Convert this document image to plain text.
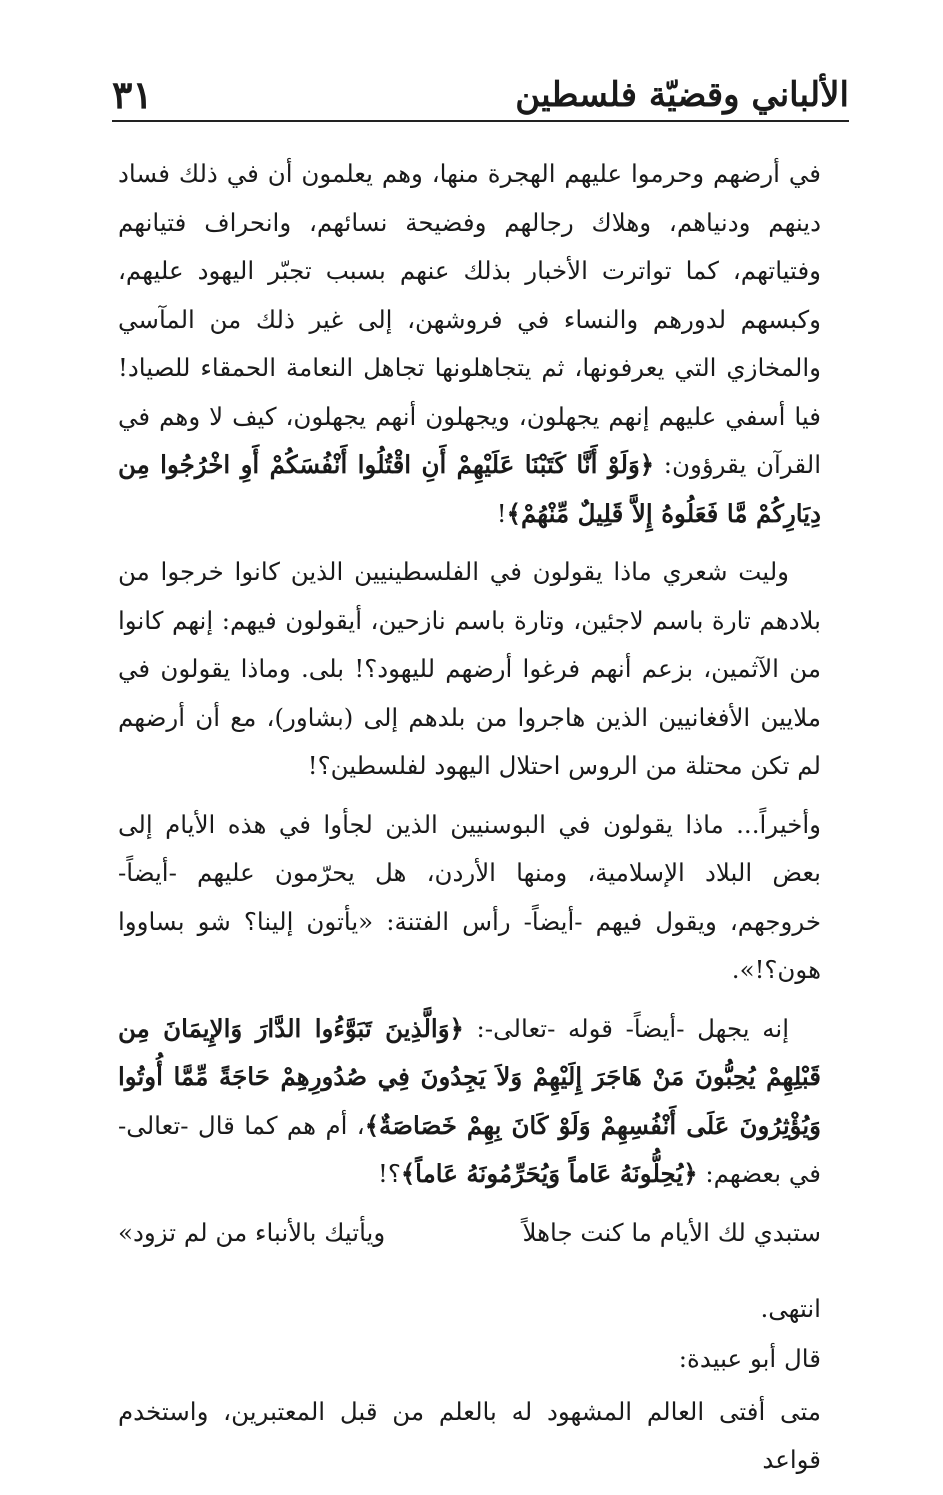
الألباني وقضيّة فلسطين
٣١

في أرضهم وحرموا عليهم الهجرة منها، وهم يعلمون أن في ذلك فساد دينهم ودنياهم، وهلاك رجالهم وفضيحة نسائهم، وانحراف فتيانهم وفتياتهم، كما تواترت الأخبار بذلك عنهم بسبب تجبّر اليهود عليهم، وكبسهم لدورهم والنساء في فروشهن، إلى غير ذلك من المآسي والمخازي التي يعرفونها، ثم يتجاهلونها تجاهل النعامة الحمقاء للصياد! فيا أسفي عليهم إنهم يجهلون، ويجهلون أنهم يجهلون، كيف لا وهم في القرآن يقرؤون: ﴿وَلَوْ أَنَّا كَتَبْنَا عَلَيْهِمْ أَنِ اقْتُلُوا أَنْفُسَكُمْ أَوِ اخْرُجُوا مِن دِيَارِكُمْ مَّا فَعَلُوهُ إِلاَّ قَلِيلٌ مِّنْهُمْ﴾!

وليت شعري ماذا يقولون في الفلسطينيين الذين كانوا خرجوا من بلادهم تارة باسم لاجئين، وتارة باسم نازحين، أيقولون فيهم: إنهم كانوا من الآثمين، بزعم أنهم فرغوا أرضهم لليهود؟! بلى. وماذا يقولون في ملايين الأفغانيين الذين هاجروا من بلدهم إلى (بشاور)، مع أن أرضهم لم تكن محتلة من الروس احتلال اليهود لفلسطين؟!

وأخيراً... ماذا يقولون في البوسنيين الذين لجأوا في هذه الأيام إلى بعض البلاد الإسلامية، ومنها الأردن، هل يحرّمون عليهم -أيضاً- خروجهم، ويقول فيهم -أيضاً- رأس الفتنة: «يأتون إلينا؟ شو بساووا هون؟!».

إنه يجهل -أيضاً- قوله -تعالى-: ﴿وَالَّذِينَ تَبَوَّءُوا الدَّارَ وَالإِيمَانَ مِن قَبْلِهِمْ يُحِبُّونَ مَنْ هَاجَرَ إِلَيْهِمْ وَلاَ يَجِدُونَ فِي صُدُورِهِمْ حَاجَةً مِّمَّا أُوتُوا وَيُؤْثِرُونَ عَلَى أَنْفُسِهِمْ وَلَوْ كَانَ بِهِمْ خَصَاصَةٌ﴾، أم هم كما قال -تعالى- في بعضهم: ﴿يُحِلُّونَهُ عَاماً وَيُحَرِّمُونَهُ عَاماً﴾؟!

ستبدي لك الأيام ما كنت جاهلاً
ويأتيك بالأنباء من لم تزود»

انتهى.

قال أبو عبيدة:

متى أفتى العالم المشهود له بالعلم من قبل المعتبرين، واستخدم قواعد
